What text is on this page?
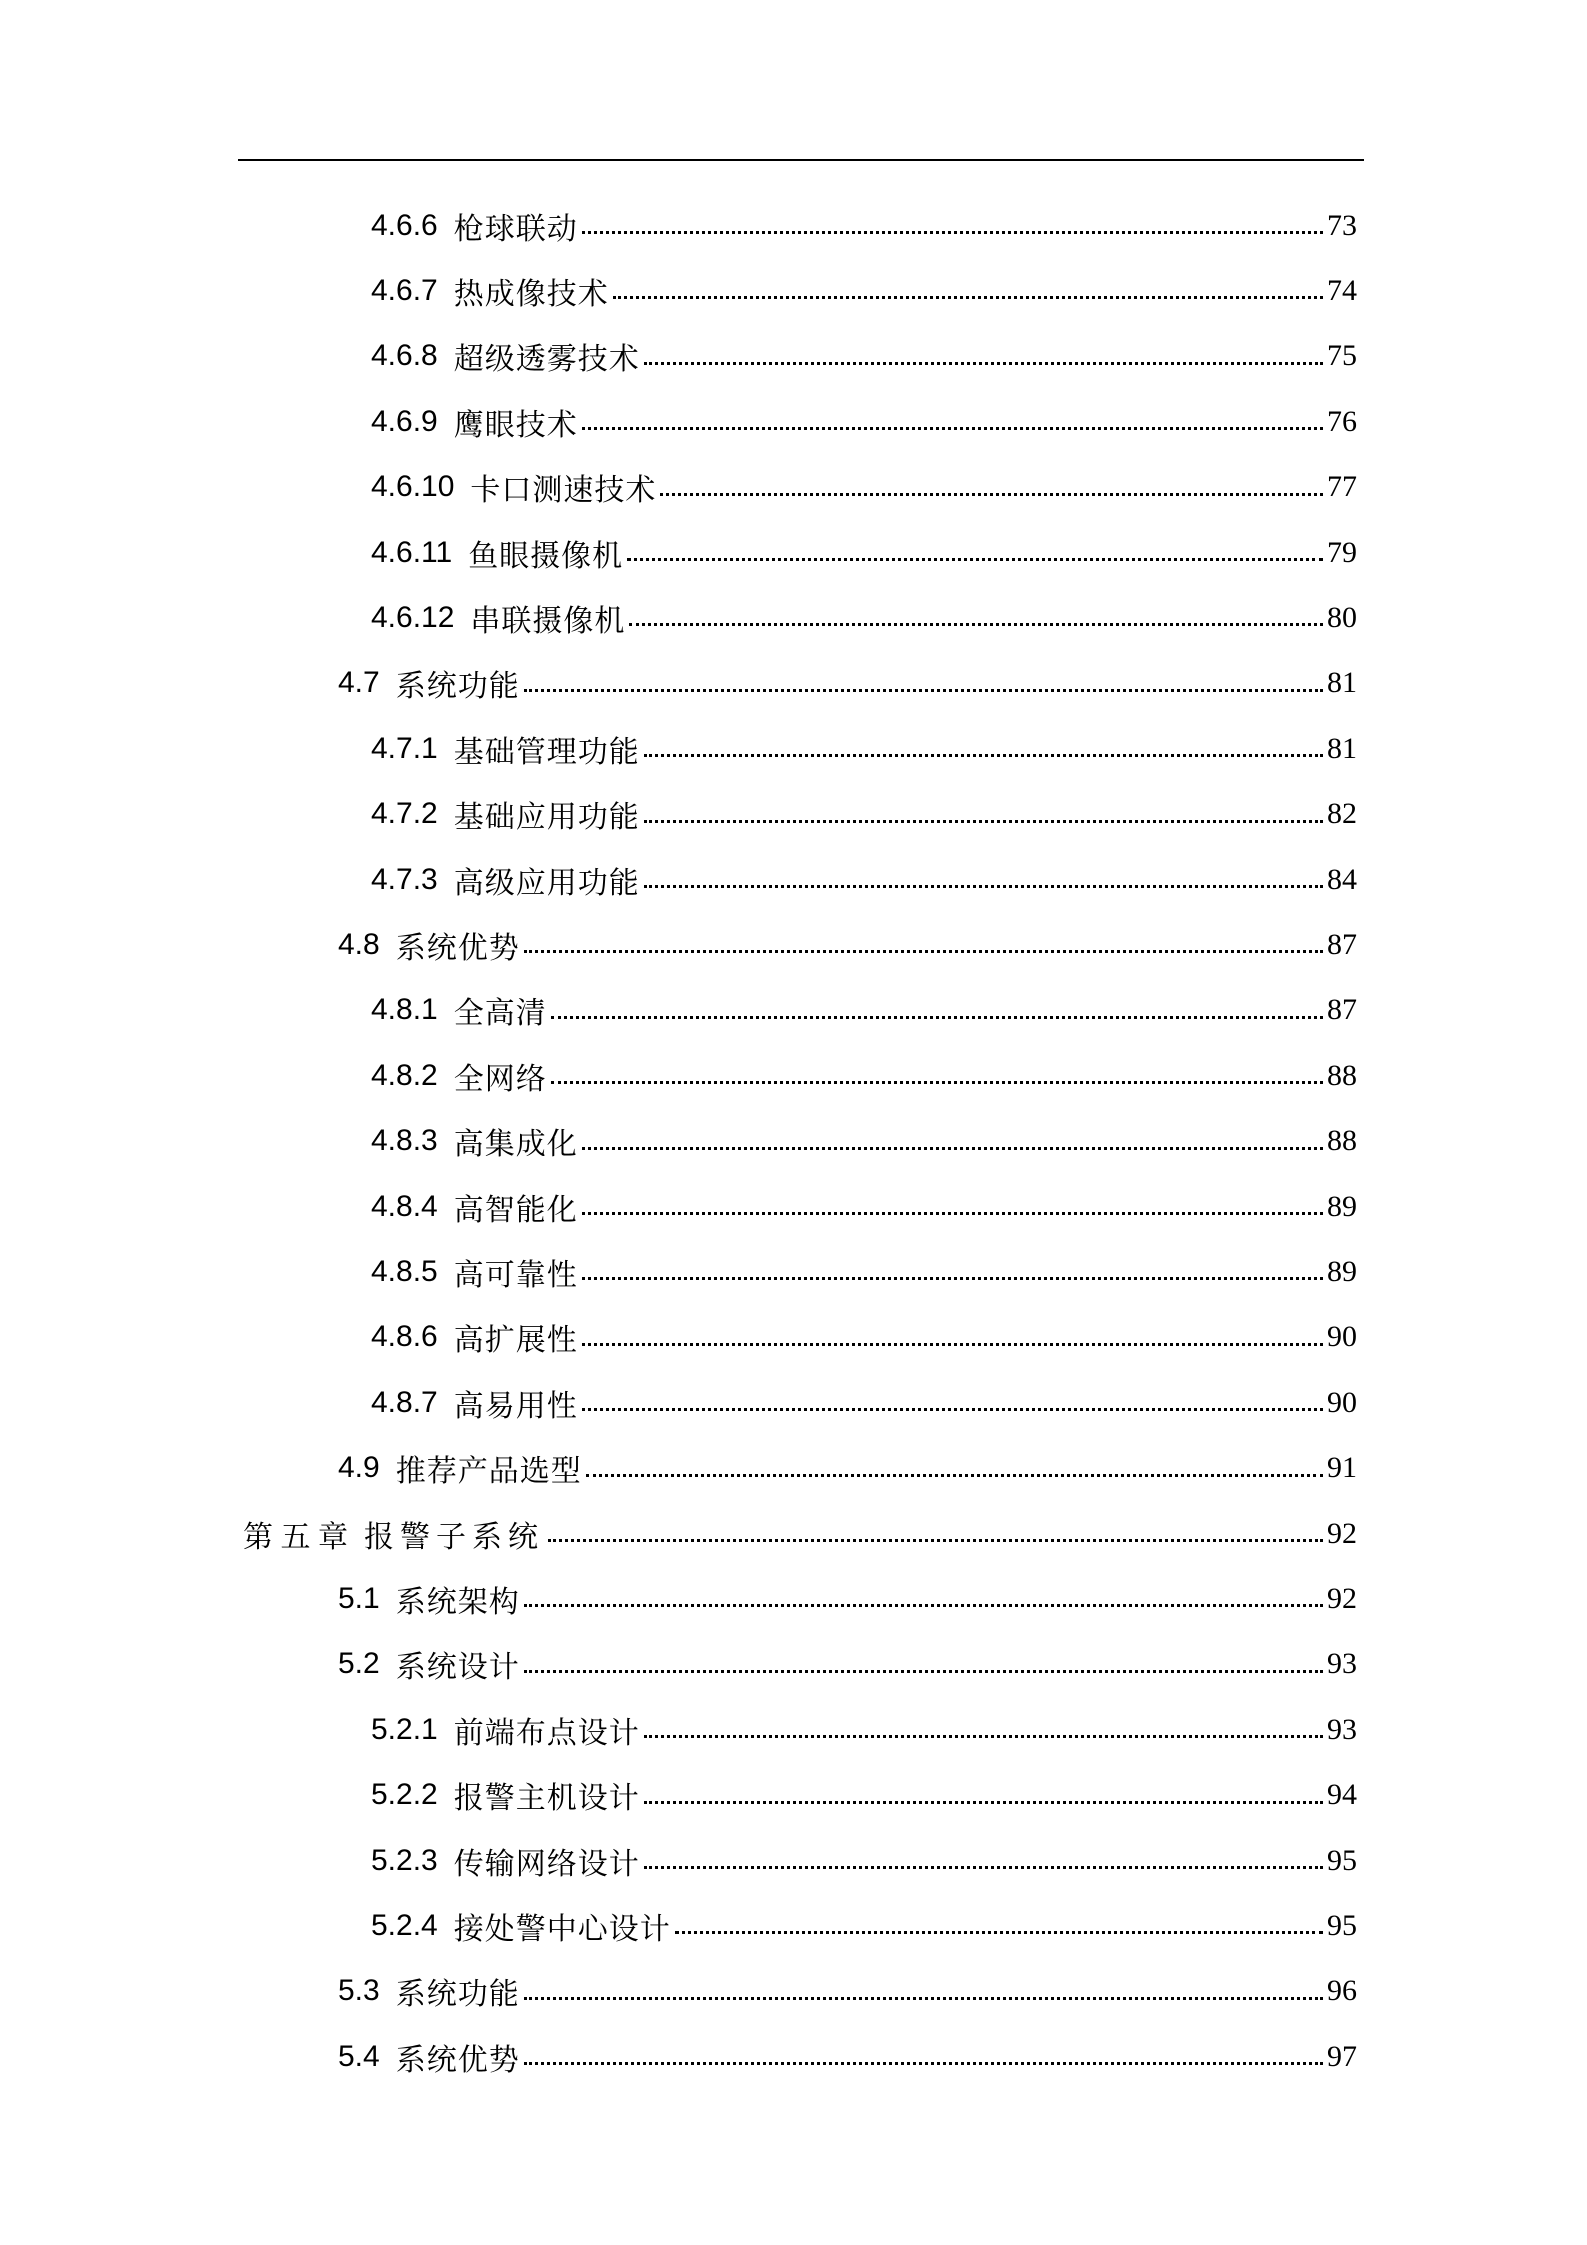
4.6.6 枪球联动	73
4.6.7 热成像技术	74
4.6.8 超级透雾技术	75
4.6.9 鹰眼技术	76
4.6.10 卡口测速技术	77
4.6.11 鱼眼摄像机	79
4.6.12 串联摄像机	80
4.7 系统功能	81
4.7.1 基础管理功能	81
4.7.2 基础应用功能	82
4.7.3 高级应用功能	84
4.8 系统优势	87
4.8.1 全高清	87
4.8.2 全网络	88
4.8.3 高集成化	88
4.8.4 高智能化	89
4.8.5 高可靠性	89
4.8.6 高扩展性	90
4.8.7 高易用性	90
4.9 推荐产品选型	91
第 五 章 报警子系统	92
5.1 系统架构	92
5.2 系统设计	93
5.2.1 前端布点设计	93
5.2.2 报警主机设计	94
5.2.3 传输网络设计	95
5.2.4 接处警中心设计	95
5.3 系统功能	96
5.4 系统优势	97
